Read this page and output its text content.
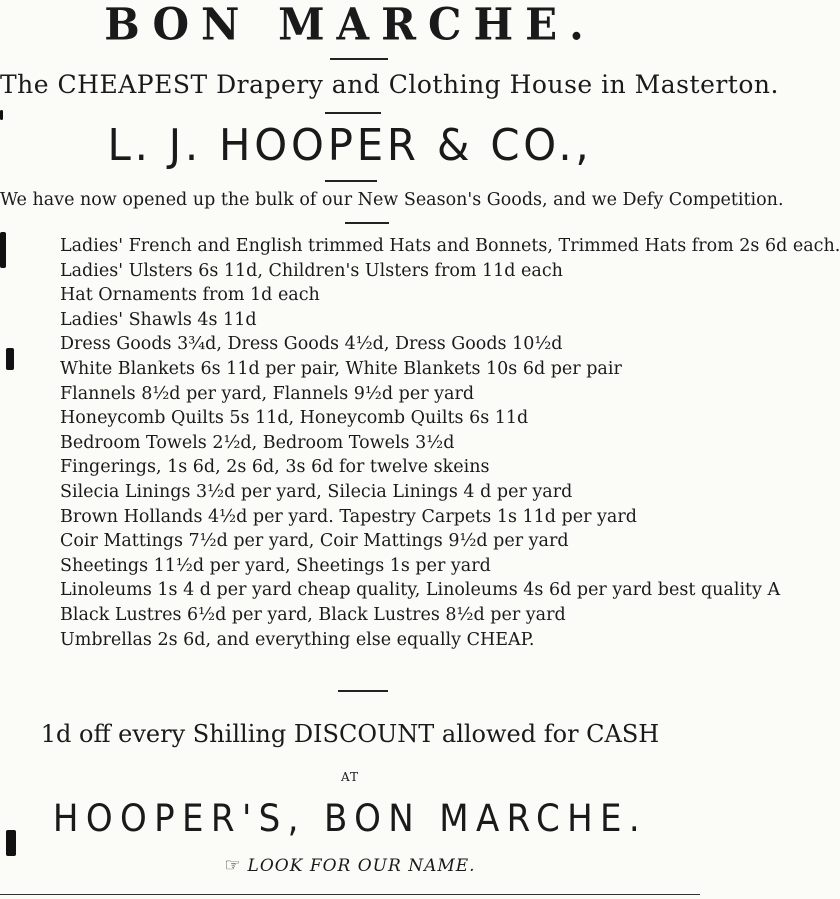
BON MARCHE.
The CHEAPEST Drapery and Clothing House in Masterton.
L. J. HOOPER & CO.,
We have now opened up the bulk of our New Season's Goods, and we Defy Competition.
Ladies' French and English trimmed Hats and Bonnets, Trimmed Hats from 2s 6d each.
Ladies' Ulsters 6s 11d, Children's Ulsters from 11d each
Hat Ornaments from 1d each
Ladies' Shawls 4s 11d
Dress Goods 3¾d, Dress Goods 4½d, Dress Goods 10½d
White Blankets 6s 11d per pair, White Blankets 10s 6d per pair
Flannels 8½d per yard, Flannels 9½d per yard
Honeycomb Quilts 5s 11d, Honeycomb Quilts 6s 11d
Bedroom Towels 2½d, Bedroom Towels 3½d
Fingerings, 1s 6d, 2s 6d, 3s 6d for twelve skeins
Silecia Linings 3½d per yard, Silecia Linings 4 d per yard
Brown Hollands 4½d per yard. Tapestry Carpets 1s 11d per yard
Coir Mattings 7½d per yard, Coir Mattings 9½d per yard
Sheetings 11½d per yard, Sheetings 1s per yard
Linoleums 1s 4 d per yard cheap quality, Linoleums 4s 6d per yard best quality A
Black Lustres 6½d per yard, Black Lustres 8½d per yard
Umbrellas 2s 6d, and everything else equally CHEAP.
1d off every Shilling DISCOUNT allowed for CASH
AT
HOOPER'S, BON MARCHE.
☞ LOOK FOR OUR NAME.
